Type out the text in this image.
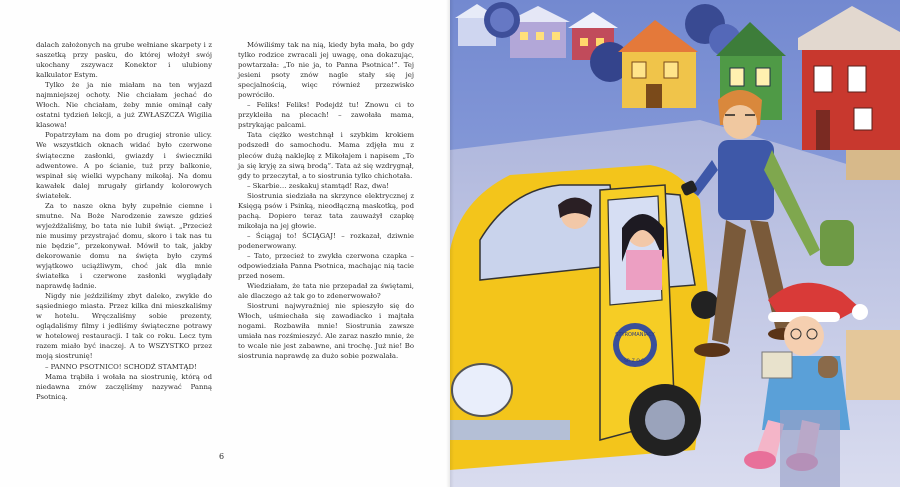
dalach założonych na grube wełniane skarpety i z saszetką przy pasku, do której włożył swój ukochany zszywacz Konektor i ulubiony kalkulator Estym.

Tylko że ja nie miałam na ten wyjazd najmniejszej ochoty. Nie chciałam jechać do Włoch. Nie chciałam, żeby mnie ominął cały ostatni tydzień lekcji, a już ZWŁASZCZA Wigilia klasowa!

Popatrzyłam na dom po drugiej stronie ulicy. We wszystkich oknach widać było czerwone świąteczne zasłonki, gwiazdy i świeczniki adwentowe. A po ścianie, tuż przy balkonie, wspinał się wielki wypchany mikołaj. Na domu kawałek dalej mrugały girlandy kolorowych światełek.

Za to nasze okna były zupełnie ciemne i smutne. Na Boże Narodzenie zawsze gdzieś wyjeżdżaliśmy, bo tata nie lubił świąt. „Przecież nie musimy przystrajać domu, skoro i tak nas tu nie będzie”, przekonywał. Mówił to tak, jakby dekorowanie domu na święta było czymś wyjątkowo uciążliwym, choć jak dla mnie światełka i czerwone zasłonki wyglądały naprawdę ładnie.

Nigdy nie jeździliśmy zbyt daleko, zwykle do sąsiedniego miasta. Przez kilka dni mieszkaliśmy w hotelu. Wręczaliśmy sobie prezenty, oglądaliśmy filmy i jedliśmy świąteczne potrawy w hotelowej restauracji. I tak co roku. Lecz tym razem miało być inaczej. A to WSZYSTKO przez moją siostrunię!

– PANNO PSOTNICO! SCHODŹ STAMTĄD!

Mama trąbiła i wołała na siostrunię, którą od niedawna znów zaczęliśmy nazywać Panną Psotnicą.

Mówiliśmy tak na nią, kiedy była mała, bo gdy tylko rodzice zwracali jej uwagę, ona dokazując, powtarzała: „To nie ja, to Panna Psotnica!”. Tej jesieni psoty znów nagle stały się jej specjalnością, więc również przezwisko powróciło.

– Feliks! Feliks! Podejdź tu! Znowu ci to przykleiła na plecach! – zawołała mama, pstrykając palcami.

Tata ciężko westchnął i szybkim krokiem podszedł do samochodu. Mama zdjęła mu z pleców dużą naklejkę z Mikołajem i napisem „To ja się kryję za siwą brodą”. Tata aż się wzdrygnął, gdy to przeczytał, a to siostrunia tylko chichotała.

– Skarbie… zeskakuj stamtąd! Raz, dwa!

Siostrunia siedziała na skrzynce elektrycznej z Księgą psów i Psinką, nieodłączną maskotką, pod pachą. Dopiero teraz tata zauważył czapkę mikołaja na jej głowie.

– Ściągaj to! ŚCIĄGAJ! – rozkazał, dziwnie podenerwowany.

– Tato, przecież to zwykła czerwona czapka – odpowiedziała Panna Psotnica, machając nią tacie przed nosem.

Wiedziałam, że tata nie przepadał za świętami, ale dlaczego aż tak go to zdenerwowało?

Siostruni najwyraźniej nie spieszyło się do Włoch, uśmiechała się zawadiacko i majtała nogami. Rozbawiła mnie! Siostrunia zawsze umiała nas rozśmieszyć. Ale zaraz naszło mnie, że to wcale nie jest zabawne, ani trochę. Już nie! Bo siostrunia naprawdę za dużo sobie pozwalała.

6
STYROMANIACY
SP. Z O.O.
